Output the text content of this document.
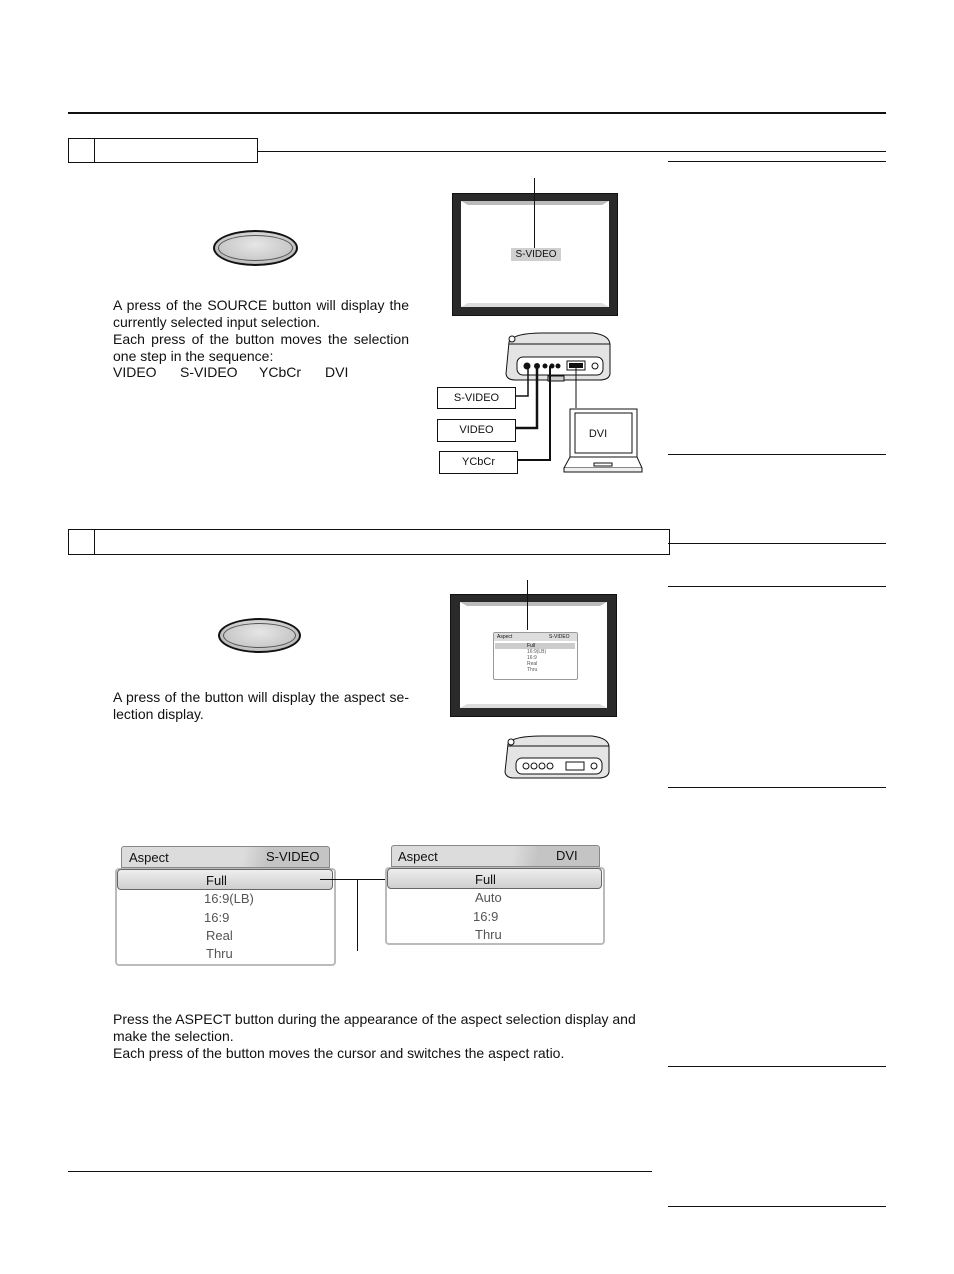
A press of the SOURCE button will display the
currently selected input selection.
Each press of the button moves the selection
one step in the sequence:
VIDEO S-VIDEO YCbCr DVI
S-VIDEO
S-VIDEO
VIDEO
YCbCr
DVI
A press of the button will display the aspect se-
lection display.
Aspect	S-VIDEO
Full
16:9(LB)
16:9
Real
Thru
Aspect	S-VIDEO
Full
16:9(LB)
16:9
Real
Thru
Aspect	DVI
Full
Auto
16:9
Thru
Press the ASPECT button during the appearance of the aspect selection display and
make the selection.
Each press of the button moves the cursor and switches the aspect ratio.
